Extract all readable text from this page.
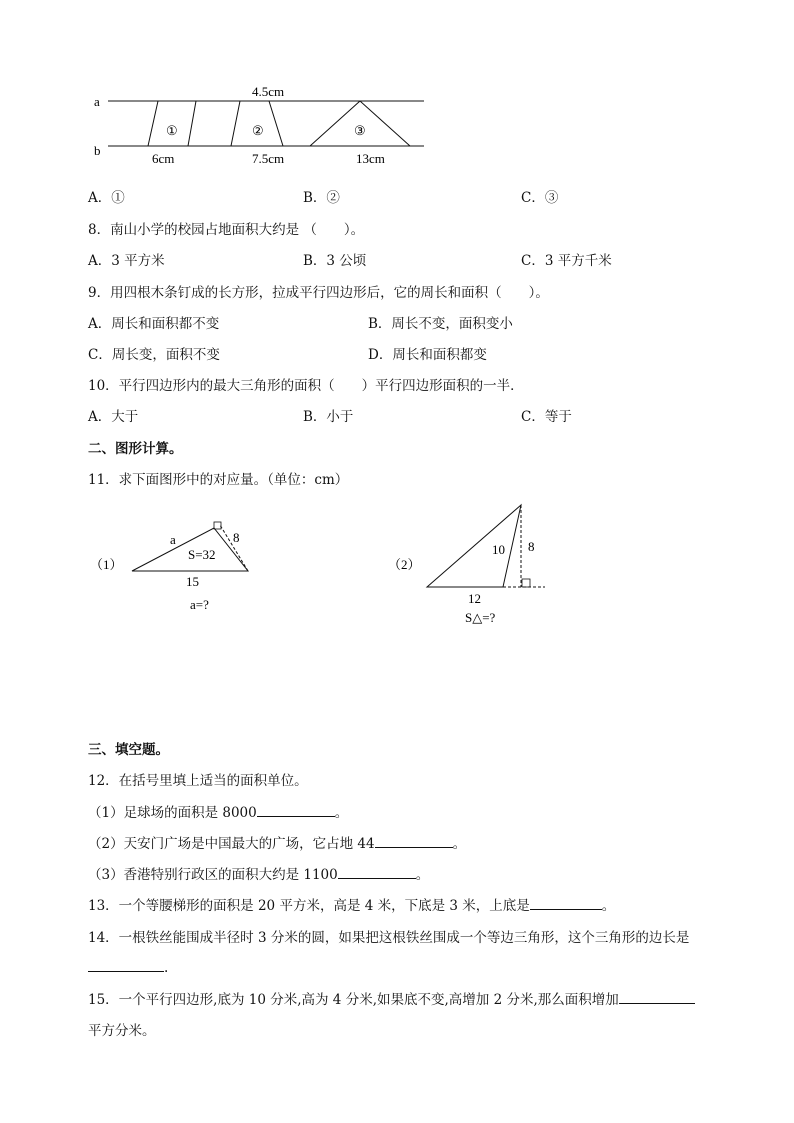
a
b
4.5cm
①	②	③
6cm	7.5cm	13cm
A．①	B．②	C．③
8．南山小学的校园占地面积大约是 （　　）。
A．3 平方米	B．3 公顷	C．3 平方千米
9．用四根木条钉成的长方形，拉成平行四边形后，它的周长和面积（　　）。
A．周长和面积都不变	B．周长不变，面积变小
C．周长变，面积不变	D．周长和面积都变
10．平行四边形内的最大三角形的面积（　　）平行四边形面积的一半．
A．大于	B．小于	C．等于
二、图形计算。
11．求下面图形中的对应量。（单位：cm）
（1）
a
S=32
8
15
a=?
（2）
10 8
12
S△=?
三、填空题。
12．在括号里填上适当的面积单位。
（1）足球场的面积是 8000	。
（2）天安门广场是中国最大的广场，它占地 44	。
（3）香港特别行政区的面积大约是 1100	。
13．一个等腰梯形的面积是 20 平方米，高是 4 米，下底是 3 米，上底是	。
14．一根铁丝能围成半径时 3 分米的圆，如果把这根铁丝围成一个等边三角形，这个三角形的边长是
.
15．一个平行四边形,底为 10 分米,高为 4 分米,如果底不变,高增加 2 分米,那么面积增加
平方分米。
